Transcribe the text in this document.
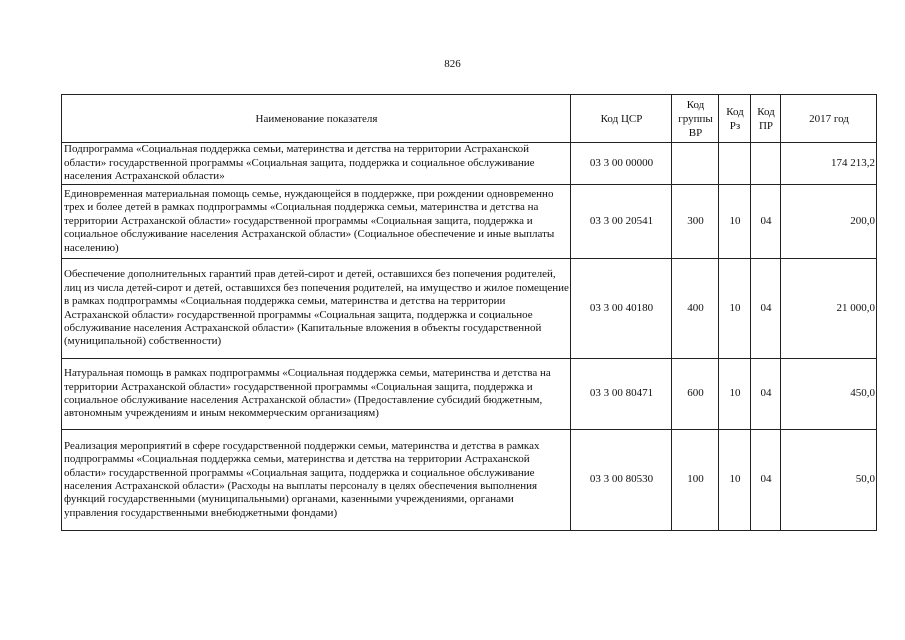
826
Наименование показателя	Код ЦСР	Код группы ВР	Код Рз	Код ПР	2017 год
Подпрограмма «Социальная поддержка семьи, материнства и детства на территории Астраханской области» государственной программы «Социальная защита, поддержка и социальное обслуживание населения Астраханской области»	03 3 00 00000				174 213,2
Единовременная материальная помощь семье, нуждающейся в поддержке, при рождении одновременно трех и более детей в рамках подпрограммы «Социальная поддержка семьи, материнства и детства на территории Астраханской области» государственной программы «Социальная защита, поддержка и социальное обслуживание населения Астраханской области» (Социальное обеспечение и иные выплаты населению)	03 3 00 20541	300	10	04	200,0
Обеспечение дополнительных гарантий прав детей-сирот и детей, оставшихся без попечения родителей, лиц из числа детей-сирот и детей, оставшихся без попечения родителей, на имущество и жилое помещение в рамках подпрограммы «Социальная поддержка семьи, материнства и детства на территории Астраханской области» государственной программы «Социальная защита, поддержка и социальное обслуживание населения Астраханской области» (Капитальные вложения в объекты государственной (муниципальной) собственности)	03 3 00 40180	400	10	04	21 000,0
Натуральная помощь в рамках подпрограммы «Социальная поддержка семьи, материнства и детства на территории Астраханской области» государственной программы «Социальная защита, поддержка и социальное обслуживание населения Астраханской области» (Предоставление субсидий бюджетным, автономным учреждениям и иным некоммерческим организациям)	03 3 00 80471	600	10	04	450,0
Реализация мероприятий в сфере государственной поддержки семьи, материнства и детства в рамках подпрограммы «Социальная поддержка семьи, материнства и детства на территории Астраханской области» государственной программы «Социальная защита, поддержка и социальное обслуживание населения Астраханской области» (Расходы на выплаты персоналу в целях обеспечения выполнения функций государственными (муниципальными) органами, казенными учреждениями, органами управления государственными внебюджетными фондами)	03 3 00 80530	100	10	04	50,0
